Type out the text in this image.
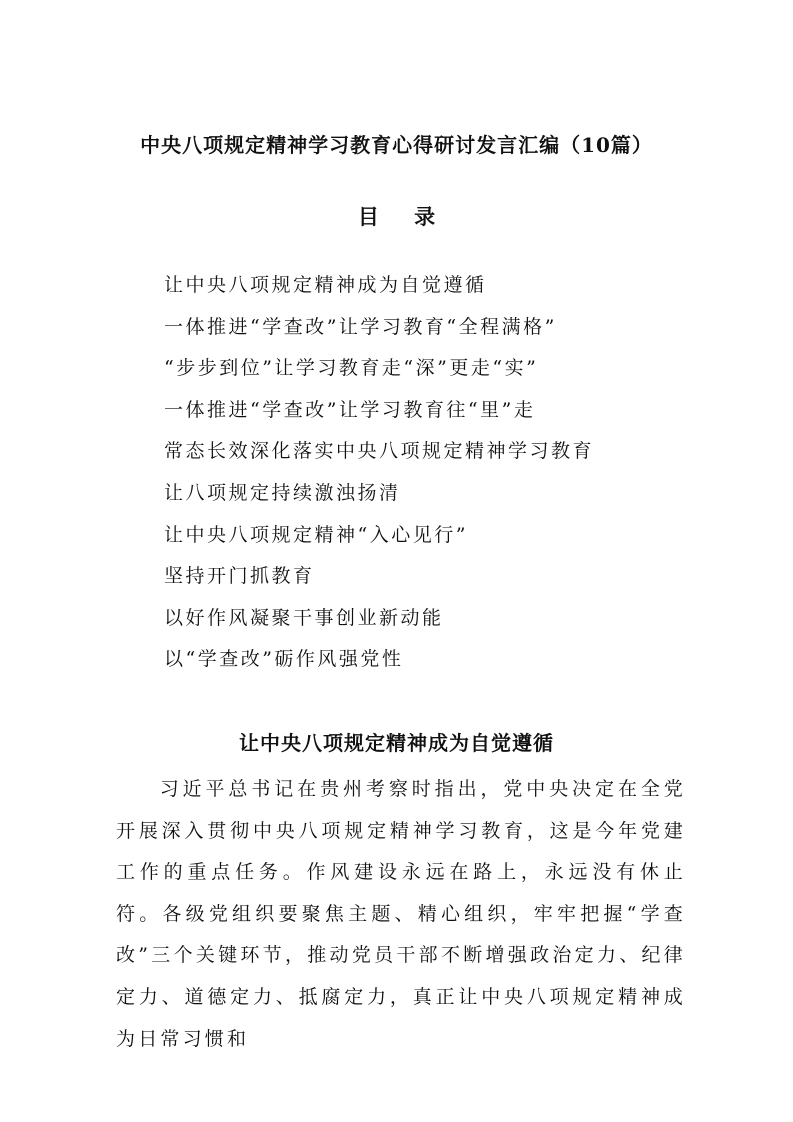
中央八项规定精神学习教育心得研讨发言汇编（10篇）
目 录
让中央八项规定精神成为自觉遵循
一体推进“学查改”让学习教育“全程满格”
“步步到位”让学习教育走“深”更走“实”
一体推进“学查改”让学习教育往“里”走
常态长效深化落实中央八项规定精神学习教育
让八项规定持续激浊扬清
让中央八项规定精神“入心见行”
坚持开门抓教育
以好作风凝聚干事创业新动能
以“学查改”砺作风强党性
让中央八项规定精神成为自觉遵循

习近平总书记在贵州考察时指出，党中央决定在全党开展深入贯彻中央八项规定精神学习教育，这是今年党建工作的重点任务。作风建设永远在路上，永远没有休止符。各级党组织要聚焦主题、精心组织，牢牢把握“学查改”三个关键环节，推动党员干部不断增强政治定力、纪律定力、道德定力、抵腐定力，真正让中央八项规定精神成为日常习惯和
